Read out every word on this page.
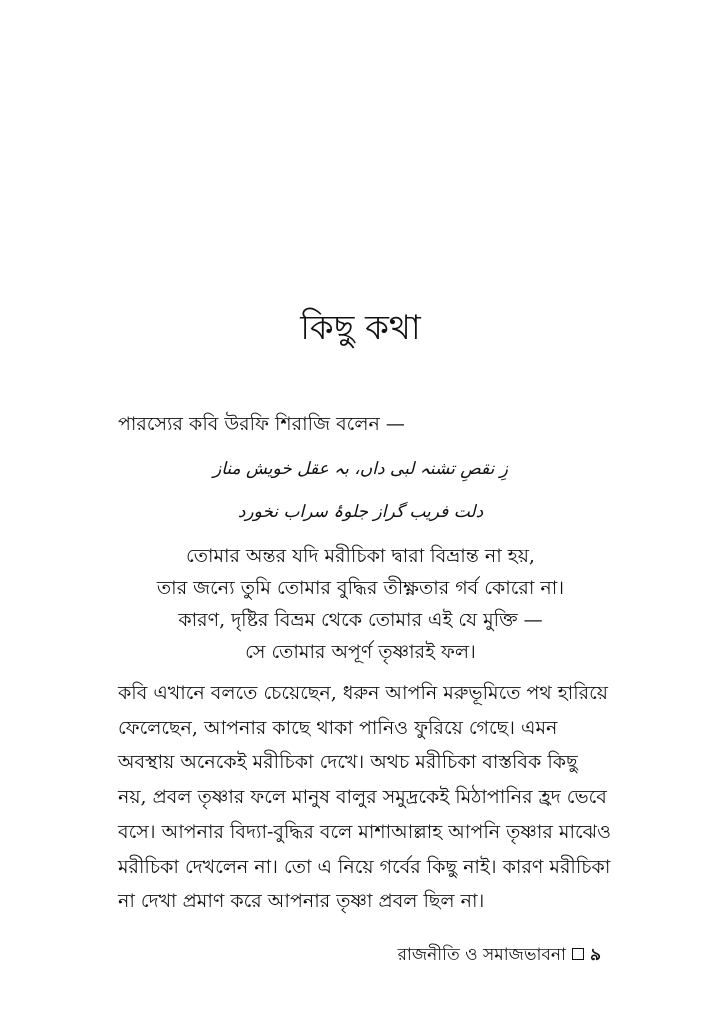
কিছু কথা
পারস্যের কবি উরফি শিরাজি বলেন —
زِ نقصِ تشنہ لبی داں، بہ عقل خویش مناز
دلت فریب گراز جلوۂ سراب نخورد
তোমার অন্তর যদি মরীচিকা দ্বারা বিভ্রান্ত না হয়,
তার জন্যে তুমি তোমার বুদ্ধির তীক্ষ্ণতার গর্ব কোরো না।
কারণ, দৃষ্টির বিভ্রম থেকে তোমার এই যে মুক্তি —
সে তোমার অপূর্ণ তৃষ্ণারই ফল।
কবি এখানে বলতে চেয়েছেন, ধরুন আপনি মরুভূমিতে পথ হারিয়ে
ফেলেছেন, আপনার কাছে থাকা পানিও ফুরিয়ে গেছে। এমন
অবস্থায় অনেকেই মরীচিকা দেখে। অথচ মরীচিকা বাস্তবিক কিছু
নয়, প্রবল তৃষ্ণার ফলে মানুষ বালুর সমুদ্রকেই মিঠাপানির হ্রদ ভেবে
বসে। আপনার বিদ্যা-বুদ্ধির বলে মাশাআল্লাহ আপনি তৃষ্ণার মাঝেও
মরীচিকা দেখলেন না। তো এ নিয়ে গর্বের কিছু নাই। কারণ মরীচিকা
না দেখা প্রমাণ করে আপনার তৃষ্ণা প্রবল ছিল না।
রাজনীতি ও সমাজভাবনা ৯
